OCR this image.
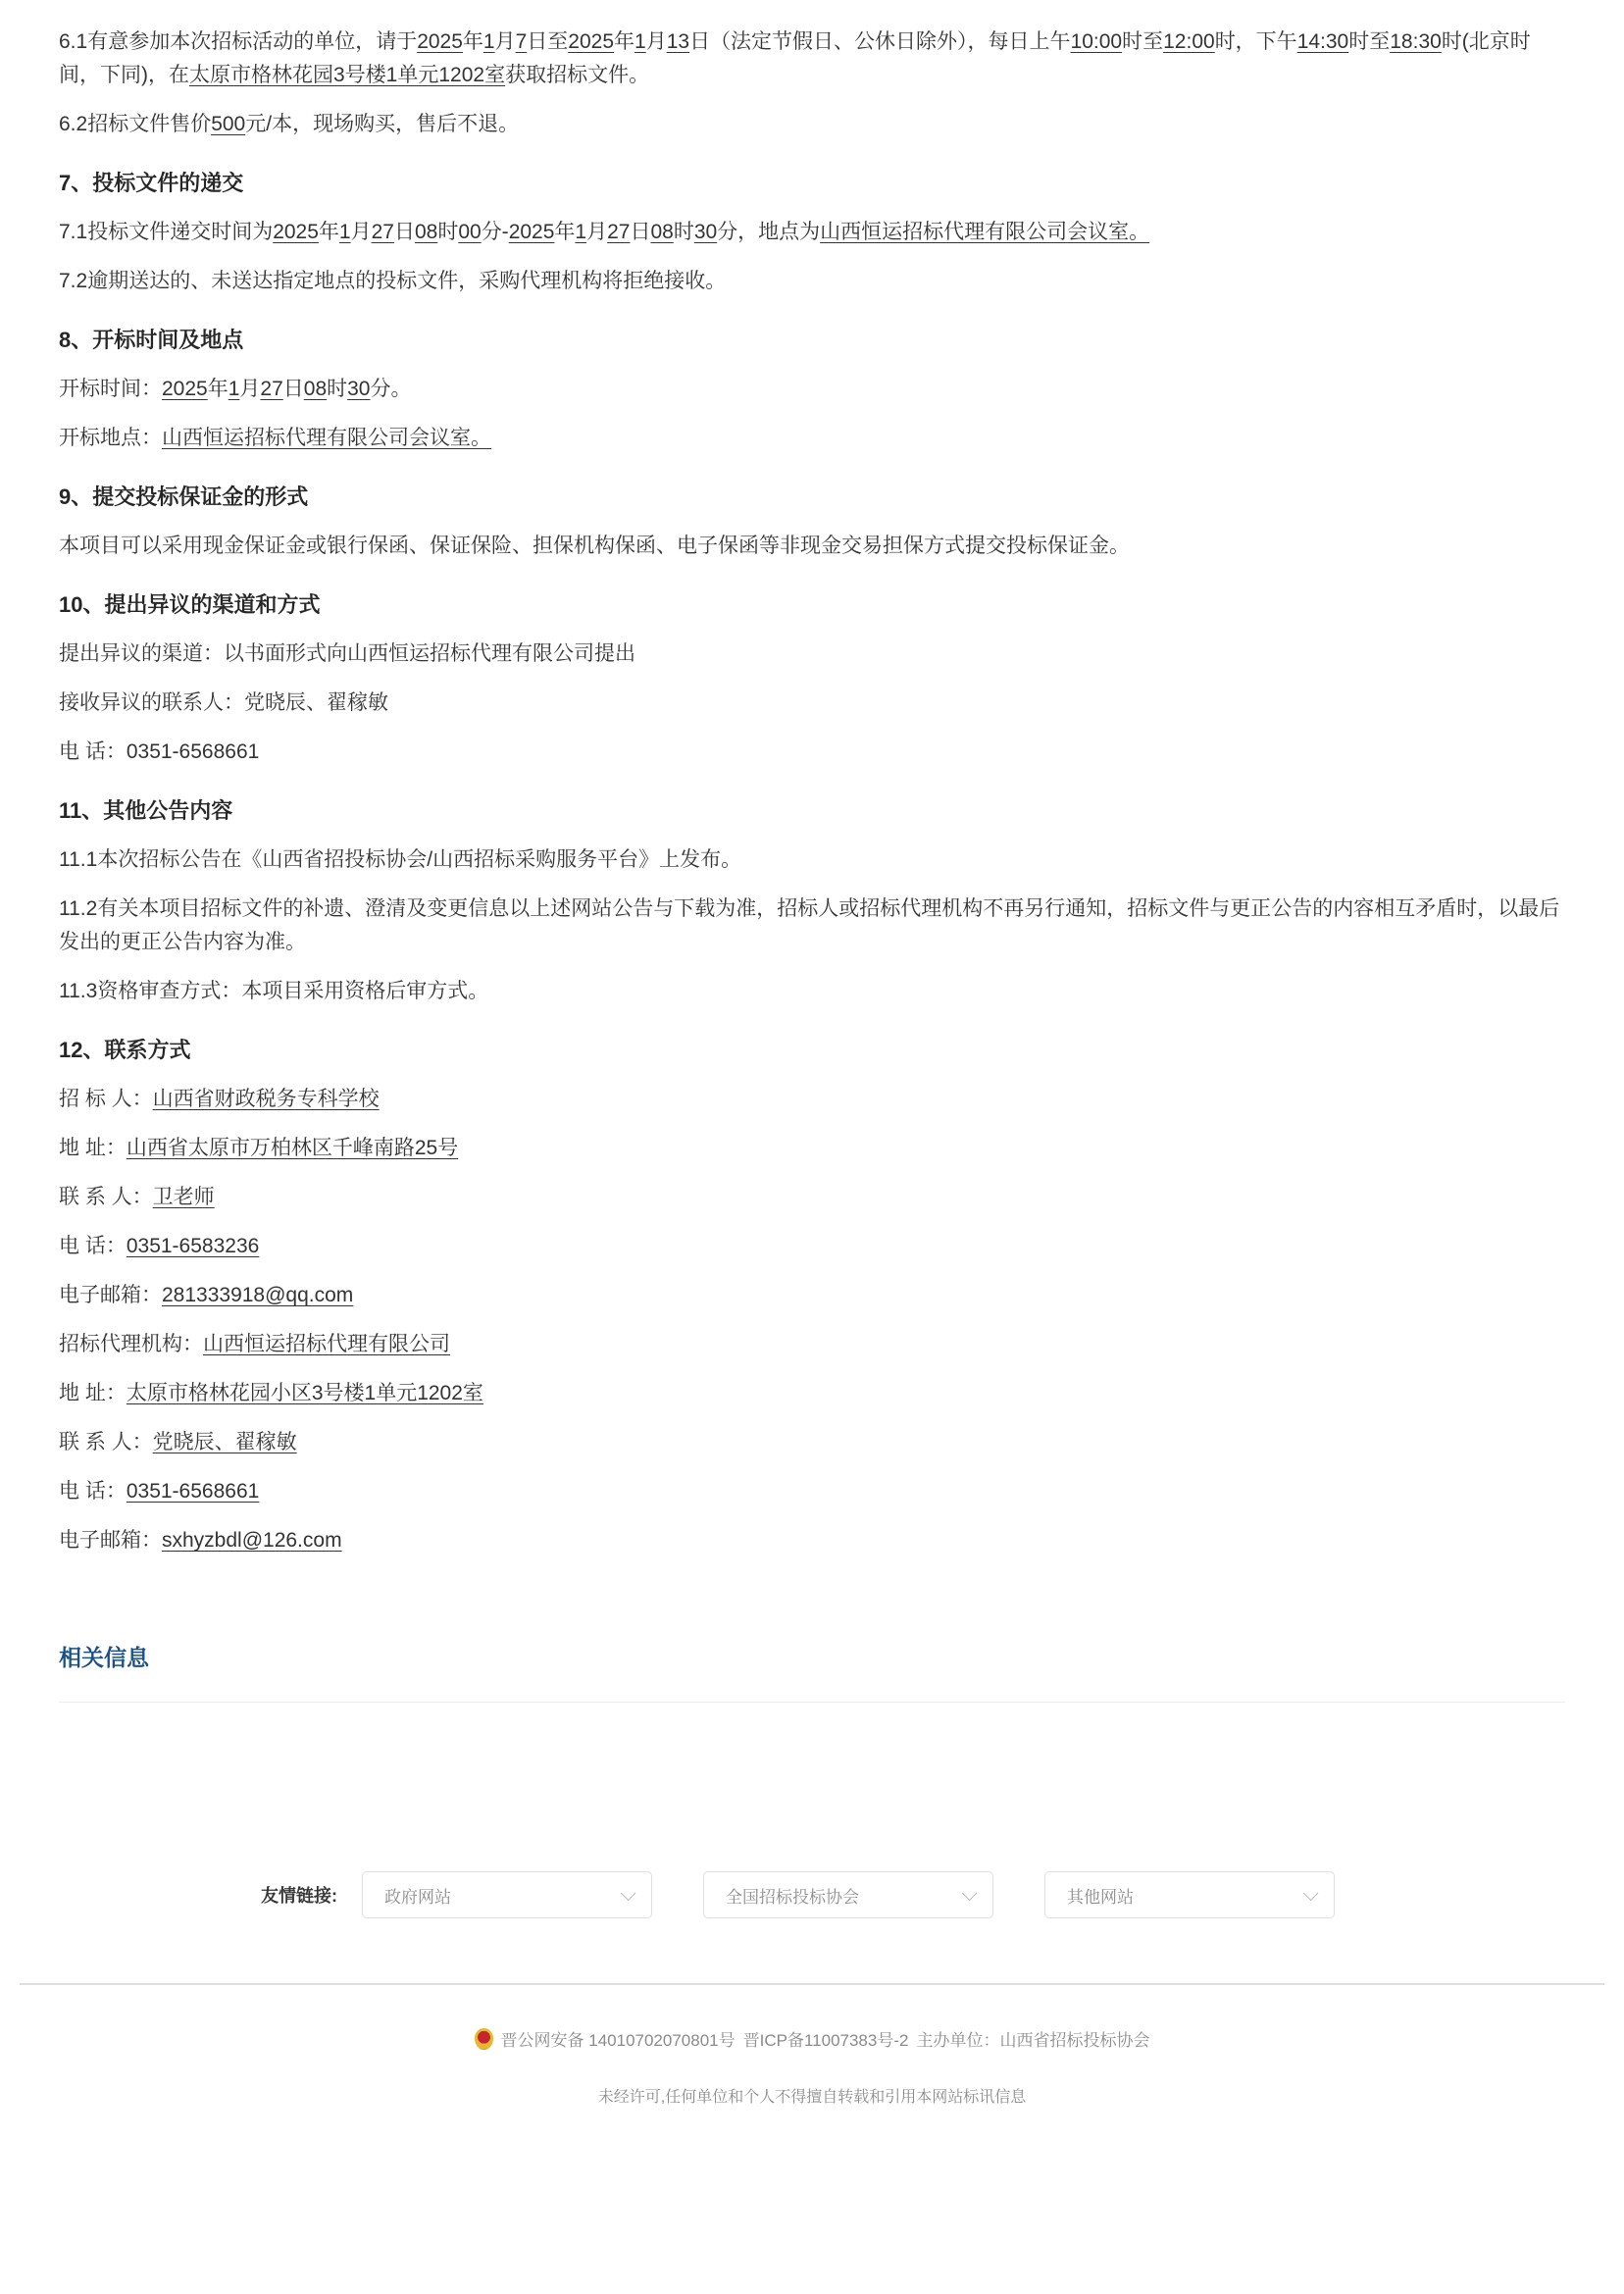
6.1有意参加本次招标活动的单位，请于2025年1月7日至2025年1月13日（法定节假日、公休日除外），每日上午10:00时至12:00时，下午14:30时至18:30时(北京时间，下同)，在太原市格林花园3号楼1单元1202室获取招标文件。

6.2招标文件售价500元/本，现场购买，售后不退。

7、投标文件的递交

7.1投标文件递交时间为2025年1月27日08时00分-2025年1月27日08时30分，地点为山西恒运招标代理有限公司会议室。

7.2逾期送达的、未送达指定地点的投标文件，采购代理机构将拒绝接收。

8、开标时间及地点

开标时间：2025年1月27日08时30分。

开标地点：山西恒运招标代理有限公司会议室。

9、提交投标保证金的形式

本项目可以采用现金保证金或银行保函、保证保险、担保机构保函、电子保函等非现金交易担保方式提交投标保证金。

10、提出异议的渠道和方式

提出异议的渠道：以书面形式向山西恒运招标代理有限公司提出

接收异议的联系人：党晓辰、翟稼敏

电 话：0351-6568661

11、其他公告内容

11.1本次招标公告在《山西省招投标协会/山西招标采购服务平台》上发布。

11.2有关本项目招标文件的补遗、澄清及变更信息以上述网站公告与下载为准，招标人或招标代理机构不再另行通知，招标文件与更正公告的内容相互矛盾时，以最后发出的更正公告内容为准。

11.3资格审查方式：本项目采用资格后审方式。

12、联系方式

招 标 人：山西省财政税务专科学校

地 址：山西省太原市万柏林区千峰南路25号

联 系 人：卫老师

电 话：0351-6583236

电子邮箱：281333918@qq.com

招标代理机构：山西恒运招标代理有限公司

地 址：太原市格林花园小区3号楼1单元1202室

联 系 人：党晓辰、翟稼敏

电 话：0351-6568661

电子邮箱：sxhyzbdl@126.com

相关信息
友情链接:	政府网站	全国招标投标协会	其他网站
晋公网安备 14010702070801号 晋ICP备11007383号-2 主办单位：山西省招标投标协会
未经许可,任何单位和个人不得擅自转载和引用本网站标讯信息
